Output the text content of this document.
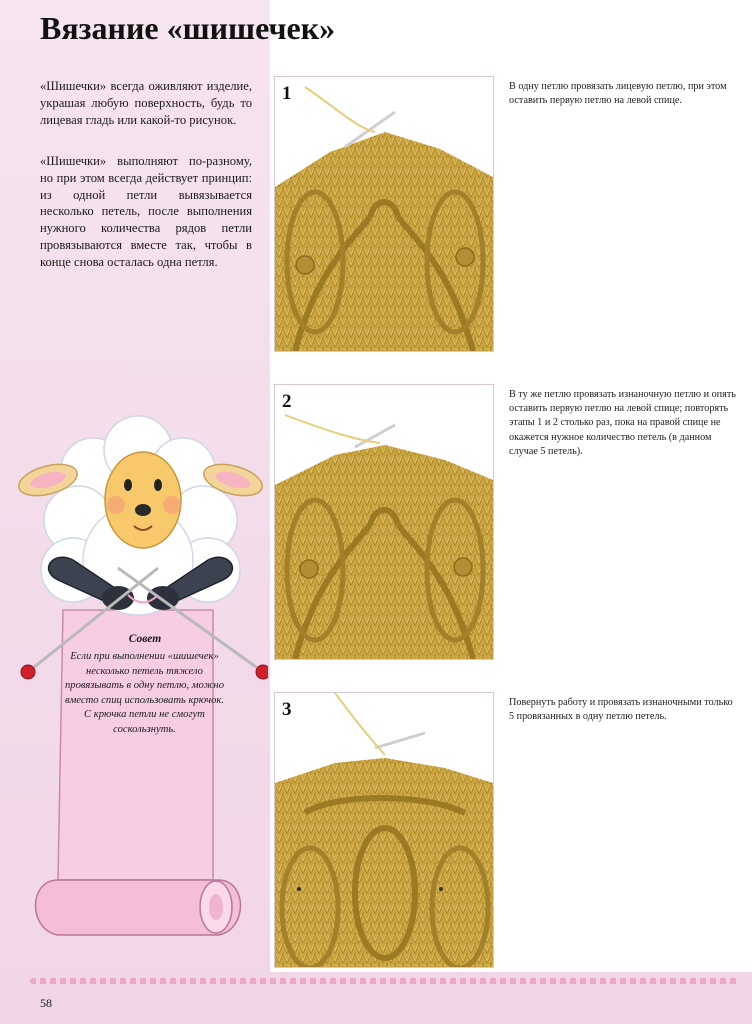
Вязание «шишечек»

«Шишечки» всегда оживляют изделие, украшая любую поверхность, будь то лицевая гладь или какой-то рисунок.

«Шишечки» выполняют по-разному, но при этом всегда действует принцип: из одной петли вывязывается несколько петель, после выполнения нужного количества рядов петли провязываются вместе так, чтобы в конце снова осталась одна петля.

1	В одну петлю провязать лицевую петлю, при этом оставить первую петлю на левой спице.

2	В ту же петлю провязать изнаночную петлю и опять оставить первую петлю на левой спице; повторять этапы 1 и 2 столько раз, пока на правой спице не окажется нужное количество петель (в данном случае 5 петель).

3	Повернуть работу и провязать изнаночными только 5 провязанных в одну петлю петель.

Совет

Если при выполнении «шишечек» несколько петель тяжело провязывать в одну петлю, можно вместо спиц использовать крючок. С крючка петли не смогут соскользнуть.

58
